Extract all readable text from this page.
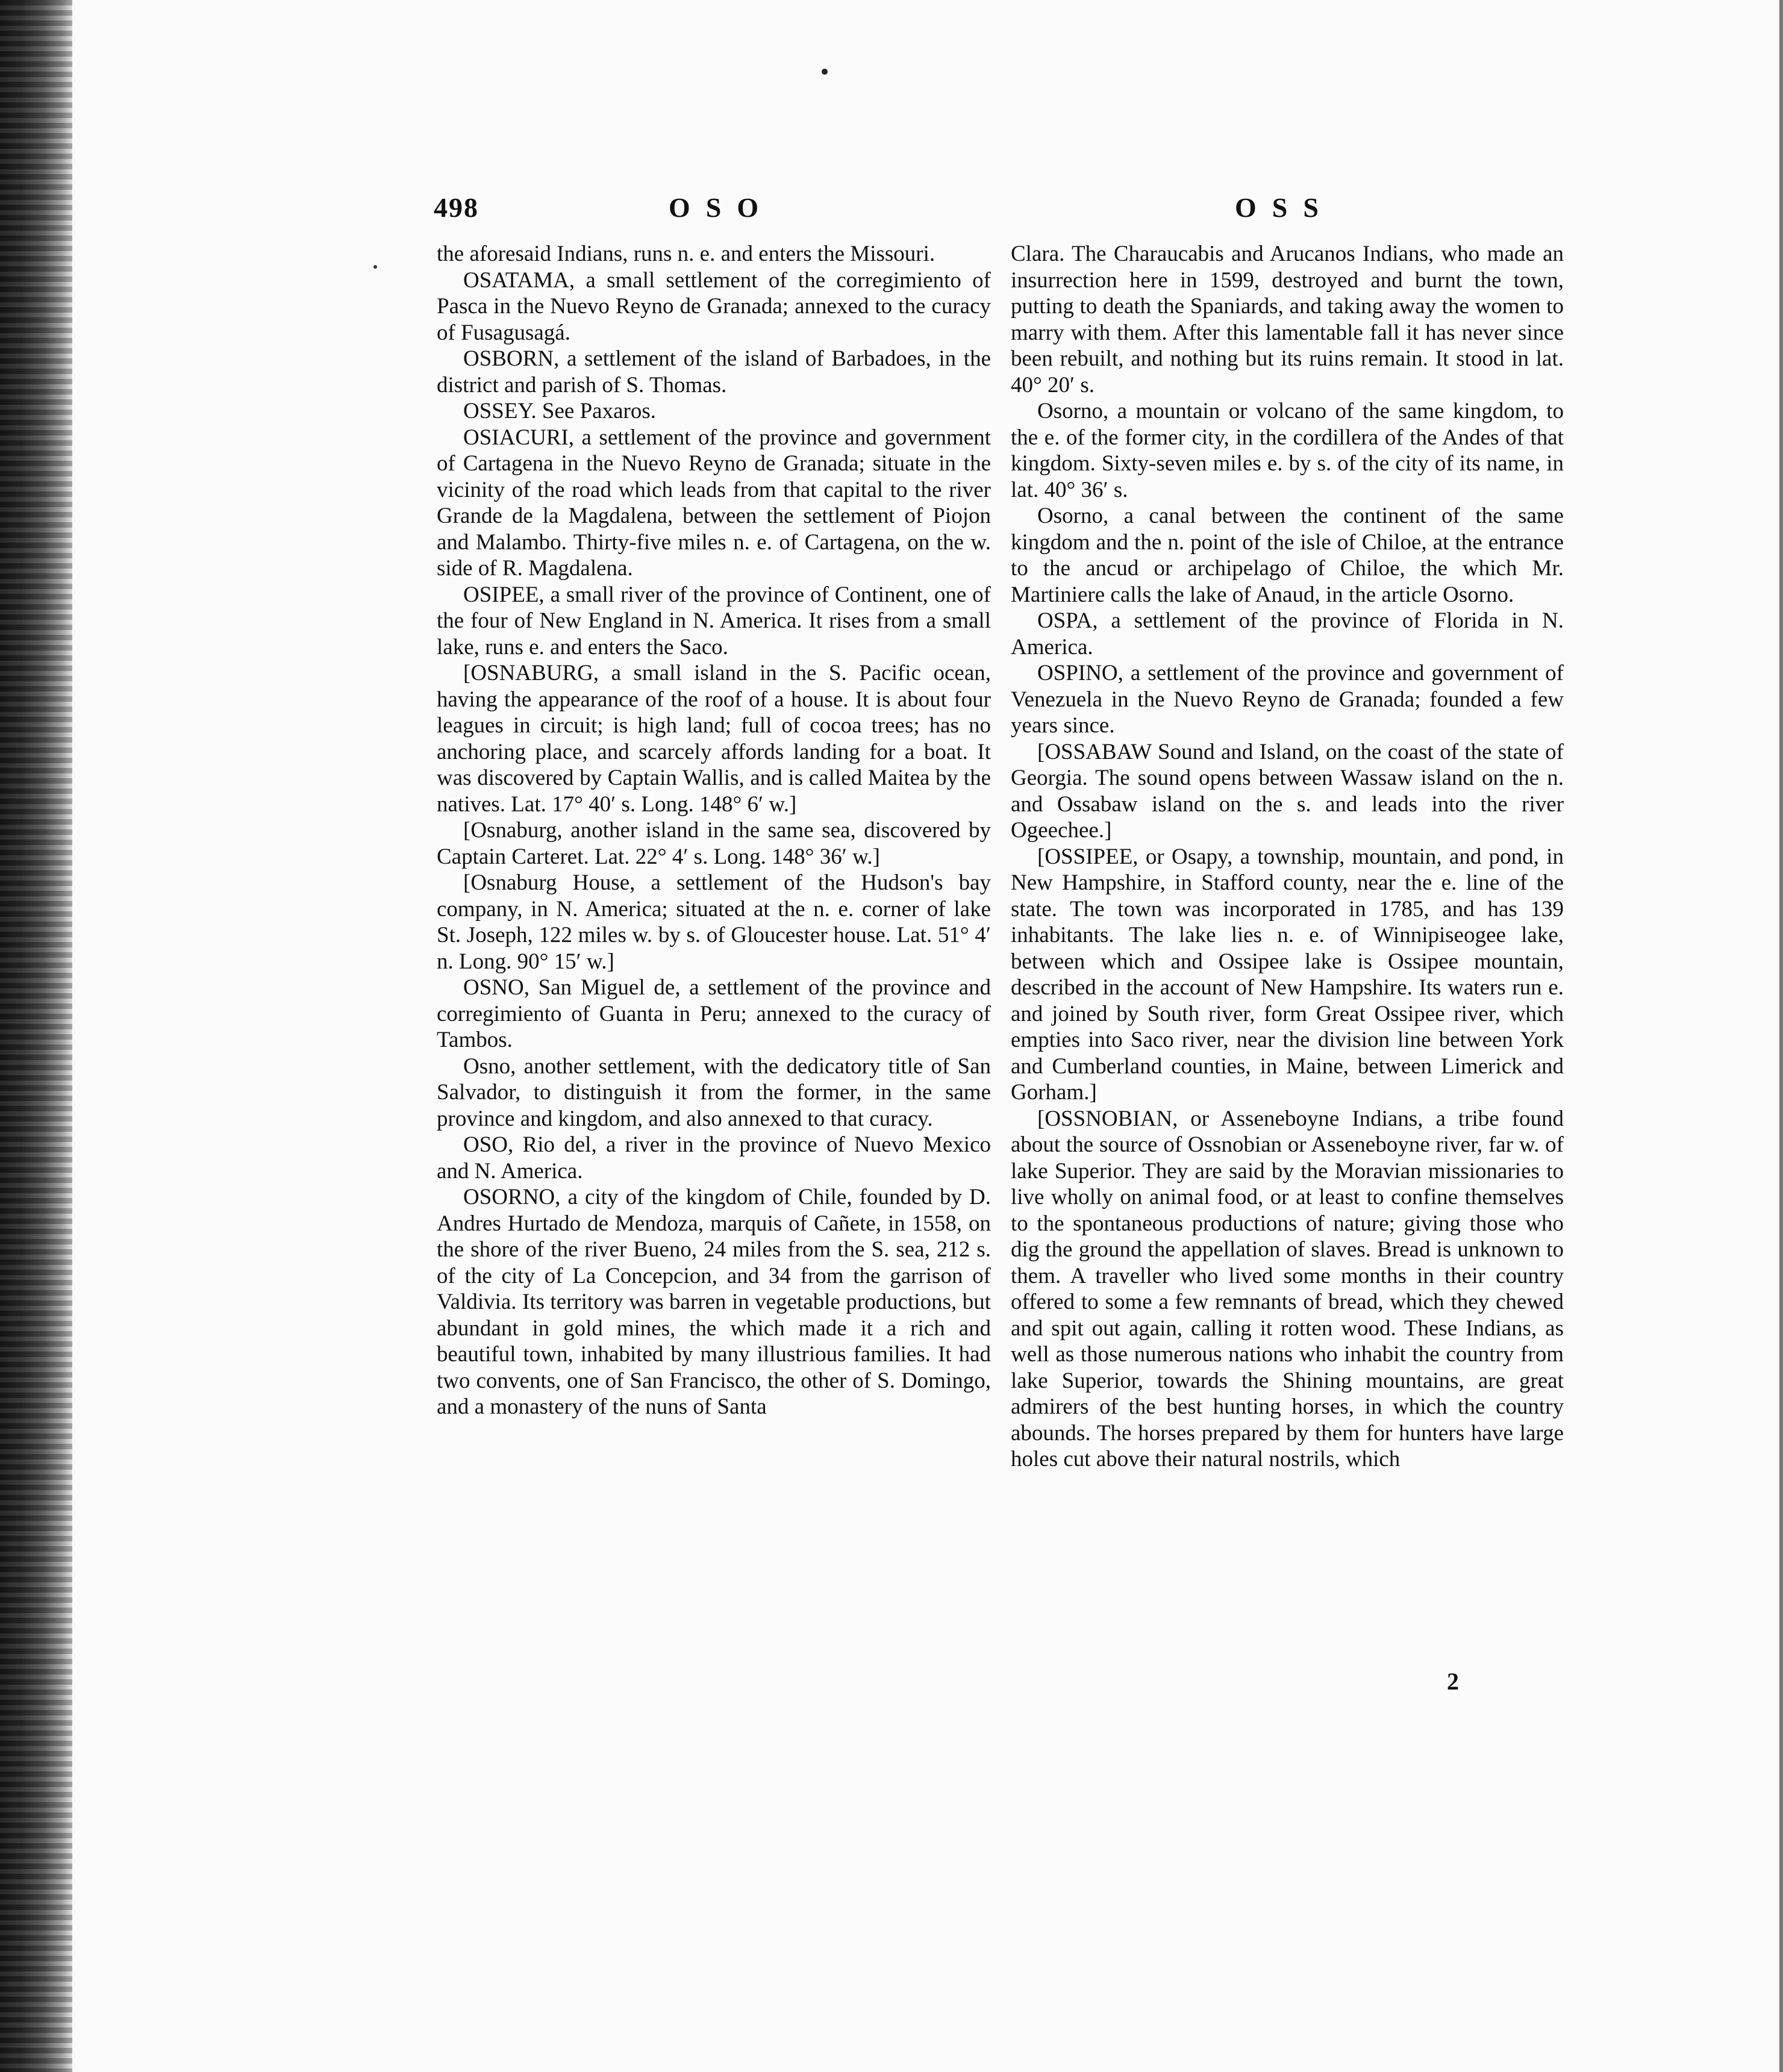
498	OSO	OSS

the aforesaid Indians, runs n. e. and enters the Missouri.

OSATAMA, a small settlement of the corregimiento of Pasca in the Nuevo Reyno de Granada; annexed to the curacy of Fusagusagá.

OSBORN, a settlement of the island of Barbadoes, in the district and parish of S. Thomas.

OSSEY. See Paxaros.

OSIACURI, a settlement of the province and government of Cartagena in the Nuevo Reyno de Granada; situate in the vicinity of the road which leads from that capital to the river Grande de la Magdalena, between the settlement of Piojon and Malambo. Thirty-five miles n. e. of Cartagena, on the w. side of R. Magdalena.

OSIPEE, a small river of the province of Continent, one of the four of New England in N. America. It rises from a small lake, runs e. and enters the Saco.

[OSNABURG, a small island in the S. Pacific ocean, having the appearance of the roof of a house. It is about four leagues in circuit; is high land; full of cocoa trees; has no anchoring place, and scarcely affords landing for a boat. It was discovered by Captain Wallis, and is called Maitea by the natives. Lat. 17° 40′ s. Long. 148° 6′ w.]

[Osnaburg, another island in the same sea, discovered by Captain Carteret. Lat. 22° 4′ s. Long. 148° 36′ w.]

[Osnaburg House, a settlement of the Hudson's bay company, in N. America; situated at the n. e. corner of lake St. Joseph, 122 miles w. by s. of Gloucester house. Lat. 51° 4′ n. Long. 90° 15′ w.]

OSNO, San Miguel de, a settlement of the province and corregimiento of Guanta in Peru; annexed to the curacy of Tambos.

Osno, another settlement, with the dedicatory title of San Salvador, to distinguish it from the former, in the same province and kingdom, and also annexed to that curacy.

OSO, Rio del, a river in the province of Nuevo Mexico and N. America.

OSORNO, a city of the kingdom of Chile, founded by D. Andres Hurtado de Mendoza, marquis of Cañete, in 1558, on the shore of the river Bueno, 24 miles from the S. sea, 212 s. of the city of La Concepcion, and 34 from the garrison of Valdivia. Its territory was barren in vegetable productions, but abundant in gold mines, the which made it a rich and beautiful town, inhabited by many illustrious families. It had two convents, one of San Francisco, the other of S. Domingo, and a monastery of the nuns of Santa

Clara. The Charaucabis and Arucanos Indians, who made an insurrection here in 1599, destroyed and burnt the town, putting to death the Spaniards, and taking away the women to marry with them. After this lamentable fall it has never since been rebuilt, and nothing but its ruins remain. It stood in lat. 40° 20′ s.

Osorno, a mountain or volcano of the same kingdom, to the e. of the former city, in the cordillera of the Andes of that kingdom. Sixty-seven miles e. by s. of the city of its name, in lat. 40° 36′ s.

Osorno, a canal between the continent of the same kingdom and the n. point of the isle of Chiloe, at the entrance to the ancud or archipelago of Chiloe, the which Mr. Martiniere calls the lake of Anaud, in the article Osorno.

OSPA, a settlement of the province of Florida in N. America.

OSPINO, a settlement of the province and government of Venezuela in the Nuevo Reyno de Granada; founded a few years since.

[OSSABAW Sound and Island, on the coast of the state of Georgia. The sound opens between Wassaw island on the n. and Ossabaw island on the s. and leads into the river Ogeechee.]

[OSSIPEE, or Osapy, a township, mountain, and pond, in New Hampshire, in Stafford county, near the e. line of the state. The town was incorporated in 1785, and has 139 inhabitants. The lake lies n. e. of Winnipiseogee lake, between which and Ossipee lake is Ossipee mountain, described in the account of New Hampshire. Its waters run e. and joined by South river, form Great Ossipee river, which empties into Saco river, near the division line between York and Cumberland counties, in Maine, between Limerick and Gorham.]

[OSSNOBIAN, or Asseneboyne Indians, a tribe found about the source of Ossnobian or Asseneboyne river, far w. of lake Superior. They are said by the Moravian missionaries to live wholly on animal food, or at least to confine themselves to the spontaneous productions of nature; giving those who dig the ground the appellation of slaves. Bread is unknown to them. A traveller who lived some months in their country offered to some a few remnants of bread, which they chewed and spit out again, calling it rotten wood. These Indians, as well as those numerous nations who inhabit the country from lake Superior, towards the Shining mountains, are great admirers of the best hunting horses, in which the country abounds. The horses prepared by them for hunters have large holes cut above their natural nostrils, which

2
